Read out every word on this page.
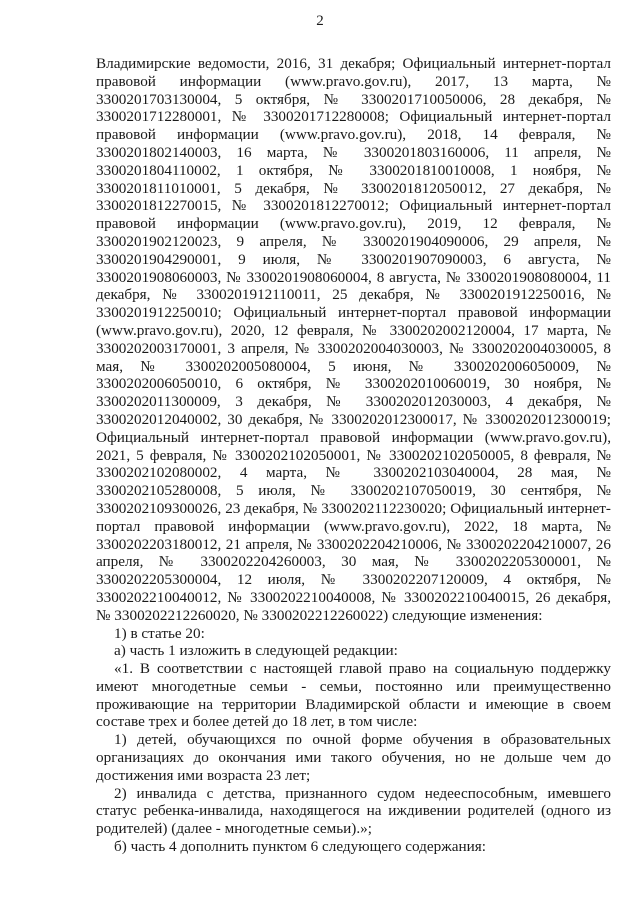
2

Владимирские ведомости, 2016, 31 декабря; Официальный интернет-портал правовой информации (www.pravo.gov.ru), 2017, 13 марта, № 3300201703130004, 5 октября, № 3300201710050006, 28 декабря, № 3300201712280001, № 3300201712280008; Официальный интернет-портал правовой информации (www.pravo.gov.ru), 2018, 14 февраля, № 3300201802140003, 16 марта, № 3300201803160006, 11 апреля, № 3300201804110002, 1 октября, № 3300201810010008, 1 ноября, № 3300201811010001, 5 декабря, № 3300201812050012, 27 декабря, № 3300201812270015, № 3300201812270012; Официальный интернет-портал правовой информации (www.pravo.gov.ru), 2019, 12 февраля, № 3300201902120023, 9 апреля, № 3300201904090006, 29 апреля, № 3300201904290001, 9 июля, № 3300201907090003, 6 августа, № 3300201908060003, № 3300201908060004, 8 августа, № 3300201908080004, 11 декабря, № 3300201912110011, 25 декабря, № 3300201912250016, № 3300201912250010; Официальный интернет-портал правовой информации (www.pravo.gov.ru), 2020, 12 февраля, № 3300202002120004, 17 марта, № 3300202003170001, 3 апреля, № 3300202004030003, № 3300202004030005, 8 мая, № 3300202005080004, 5 июня, № 3300202006050009, № 3300202006050010, 6 октября, № 3300202010060019, 30 ноября, № 3300202011300009, 3 декабря, № 3300202012030003, 4 декабря, № 3300202012040002, 30 декабря, № 3300202012300017, № 3300202012300019; Официальный интернет-портал правовой информации (www.pravo.gov.ru), 2021, 5 февраля, № 3300202102050001, № 3300202102050005, 8 февраля, № 3300202102080002, 4 марта, № 3300202103040004, 28 мая, № 3300202105280008, 5 июля, № 3300202107050019, 30 сентября, № 3300202109300026, 23 декабря, № 3300202112230020; Официальный интернет-портал правовой информации (www.pravo.gov.ru), 2022, 18 марта, № 3300202203180012, 21 апреля, № 3300202204210006, № 3300202204210007, 26 апреля, № 3300202204260003, 30 мая, № 3300202205300001, № 3300202205300004, 12 июля, № 3300202207120009, 4 октября, № 3300202210040012, № 3300202210040008, № 3300202210040015, 26 декабря, № 3300202212260020, № 3300202212260022) следующие изменения:

1) в статье 20:

а) часть 1 изложить в следующей редакции:

«1. В соответствии с настоящей главой право на социальную поддержку имеют многодетные семьи - семьи, постоянно или преимущественно проживающие на территории Владимирской области и имеющие в своем составе трех и более детей до 18 лет, в том числе:

1) детей, обучающихся по очной форме обучения в образовательных организациях до окончания ими такого обучения, но не дольше чем до достижения ими возраста 23 лет;

2) инвалида с детства, признанного судом недееспособным, имевшего статус ребенка-инвалида, находящегося на иждивении родителей (одного из родителей) (далее - многодетные семьи).»;

б) часть 4 дополнить пунктом 6 следующего содержания:
